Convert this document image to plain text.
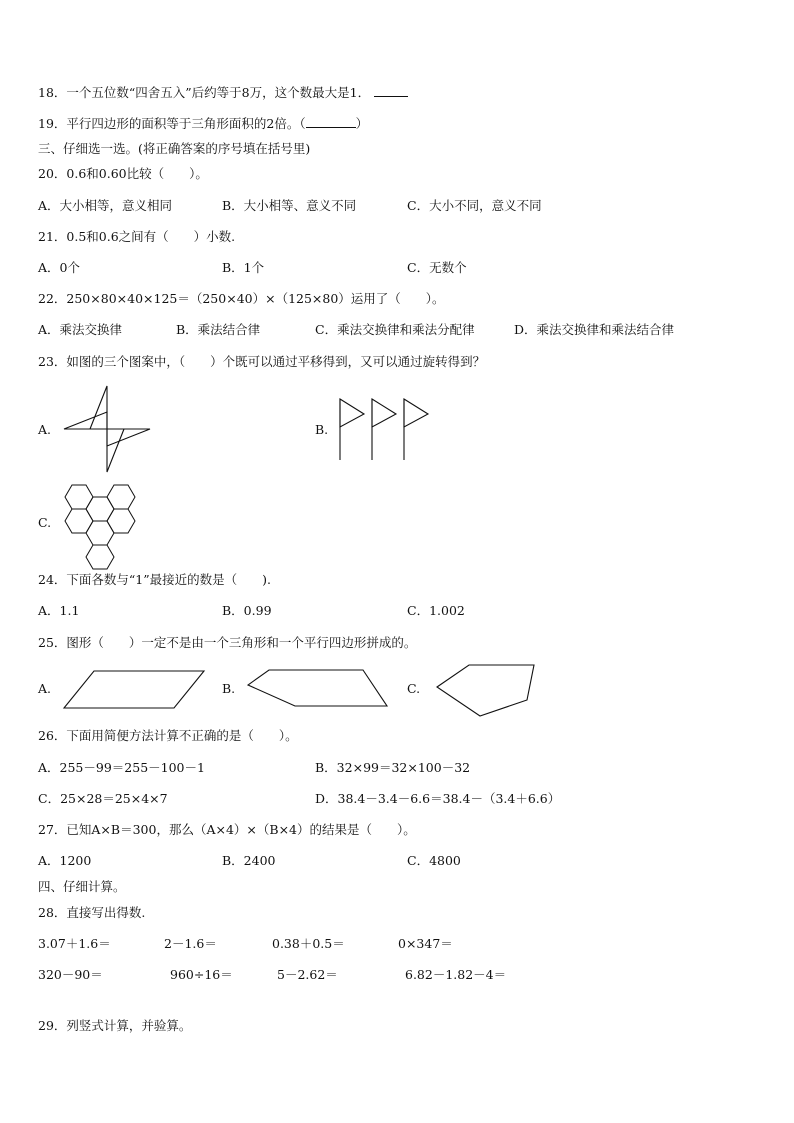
18．一个五位数“四舍五入”后约等于8万，这个数最大是1．
19．平行四边形的面积等于三角形面积的2倍。（	）
三、仔细选一选。(将正确答案的序号填在括号里)
20．0.6和0.60比较（　　）。
A．大小相等，意义相同	B．大小相等、意义不同	C．大小不同，意义不同
21．0.5和0.6之间有（　　）小数.
A．0个	B．1个	C．无数个
22．250×80×40×125＝（250×40）×（125×80）运用了（　　）。
A．乘法交换律	B．乘法结合律	C．乘法交换律和乘法分配律	D．乘法交换律和乘法结合律
23．如图的三个图案中，（　　）个既可以通过平移得到，又可以通过旋转得到？
A.	B.
C.
24．下面各数与“1”最接近的数是（　　).
A．1.1	B．0.99	C．1.002
25．图形（　　）一定不是由一个三角形和一个平行四边形拼成的。
A.	B.	C.
26．下面用简便方法计算不正确的是（　　）。
A．255－99＝255－100－1	B．32×99＝32×100－32
C．25×28＝25×4×7	D．38.4－3.4－6.6＝38.4－（3.4＋6.6）
27．已知A×B＝300，那么（A×4）×（B×4）的结果是（　　）。
A．1200	B．2400	C．4800
四、仔细计算。
28．直接写出得数.
3.07＋1.6＝	2－1.6＝	0.38＋0.5＝	0×347＝
320－90＝	960÷16＝	5－2.62＝	6.82－1.82－4＝
29．列竖式计算，并验算。
